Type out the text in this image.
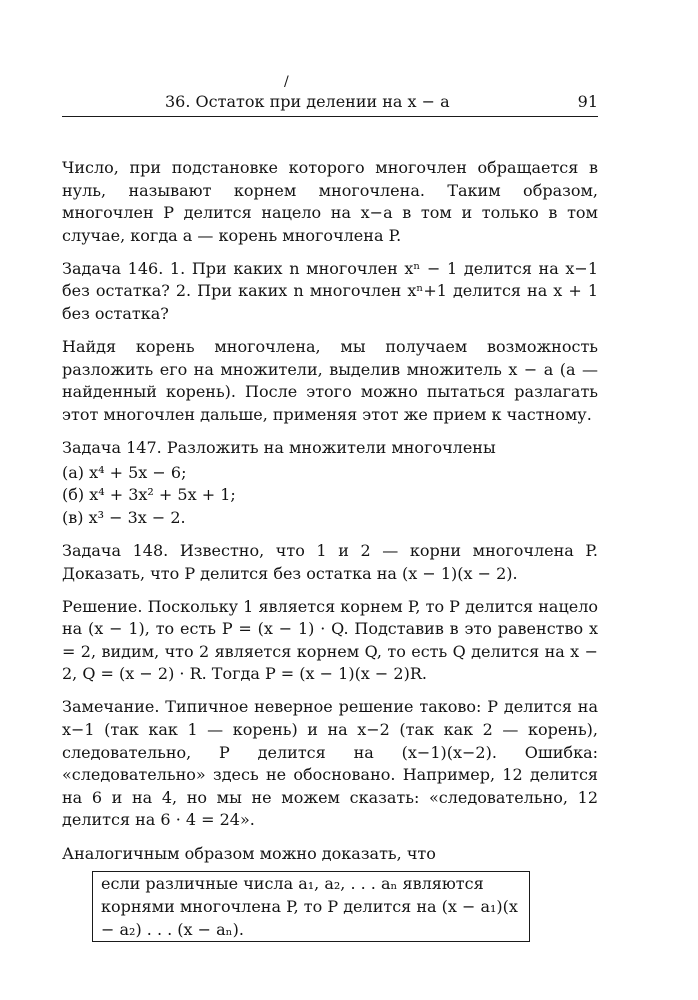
/
36. Остаток при делении на x − a	91

Число, при подстановке которого многочлен обращается в нуль, называют корнем многочлена. Таким образом, многочлен P делится нацело на x−a в том и только в том случае, когда a — корень многочлена P.

Задача 146. 1. При каких n многочлен xⁿ − 1 делится на x−1 без остатка? 2. При каких n многочлен xⁿ+1 делится на x + 1 без остатка?

Найдя корень многочлена, мы получаем возможность разложить его на множители, выделив множитель x − a (a — найденный корень). После этого можно пытаться разлагать этот многочлен дальше, применяя этот же прием к частному.

Задача 147. Разложить на множители многочлены

(а) x⁴ + 5x − 6;
(б) x⁴ + 3x² + 5x + 1;
(в) x³ − 3x − 2.

Задача 148. Известно, что 1 и 2 — корни многочлена P. Доказать, что P делится без остатка на (x − 1)(x − 2).

Решение. Поскольку 1 является корнем P, то P делится нацело на (x − 1), то есть P = (x − 1) · Q. Подставив в это равенство x = 2, видим, что 2 является корнем Q, то есть Q делится на x − 2, Q = (x − 2) · R. Тогда P = (x − 1)(x − 2)R.

Замечание. Типичное неверное решение таково: P делится на x−1 (так как 1 — корень) и на x−2 (так как 2 — корень), следовательно, P делится на (x−1)(x−2). Ошибка: «следовательно» здесь не обосновано. Например, 12 делится на 6 и на 4, но мы не можем сказать: «следовательно, 12 делится на 6 · 4 = 24».

Аналогичным образом можно доказать, что

если различные числа a₁, a₂, . . . aₙ являются корнями многочлена P, то P делится на (x − a₁)(x − a₂) . . . (x − aₙ).
